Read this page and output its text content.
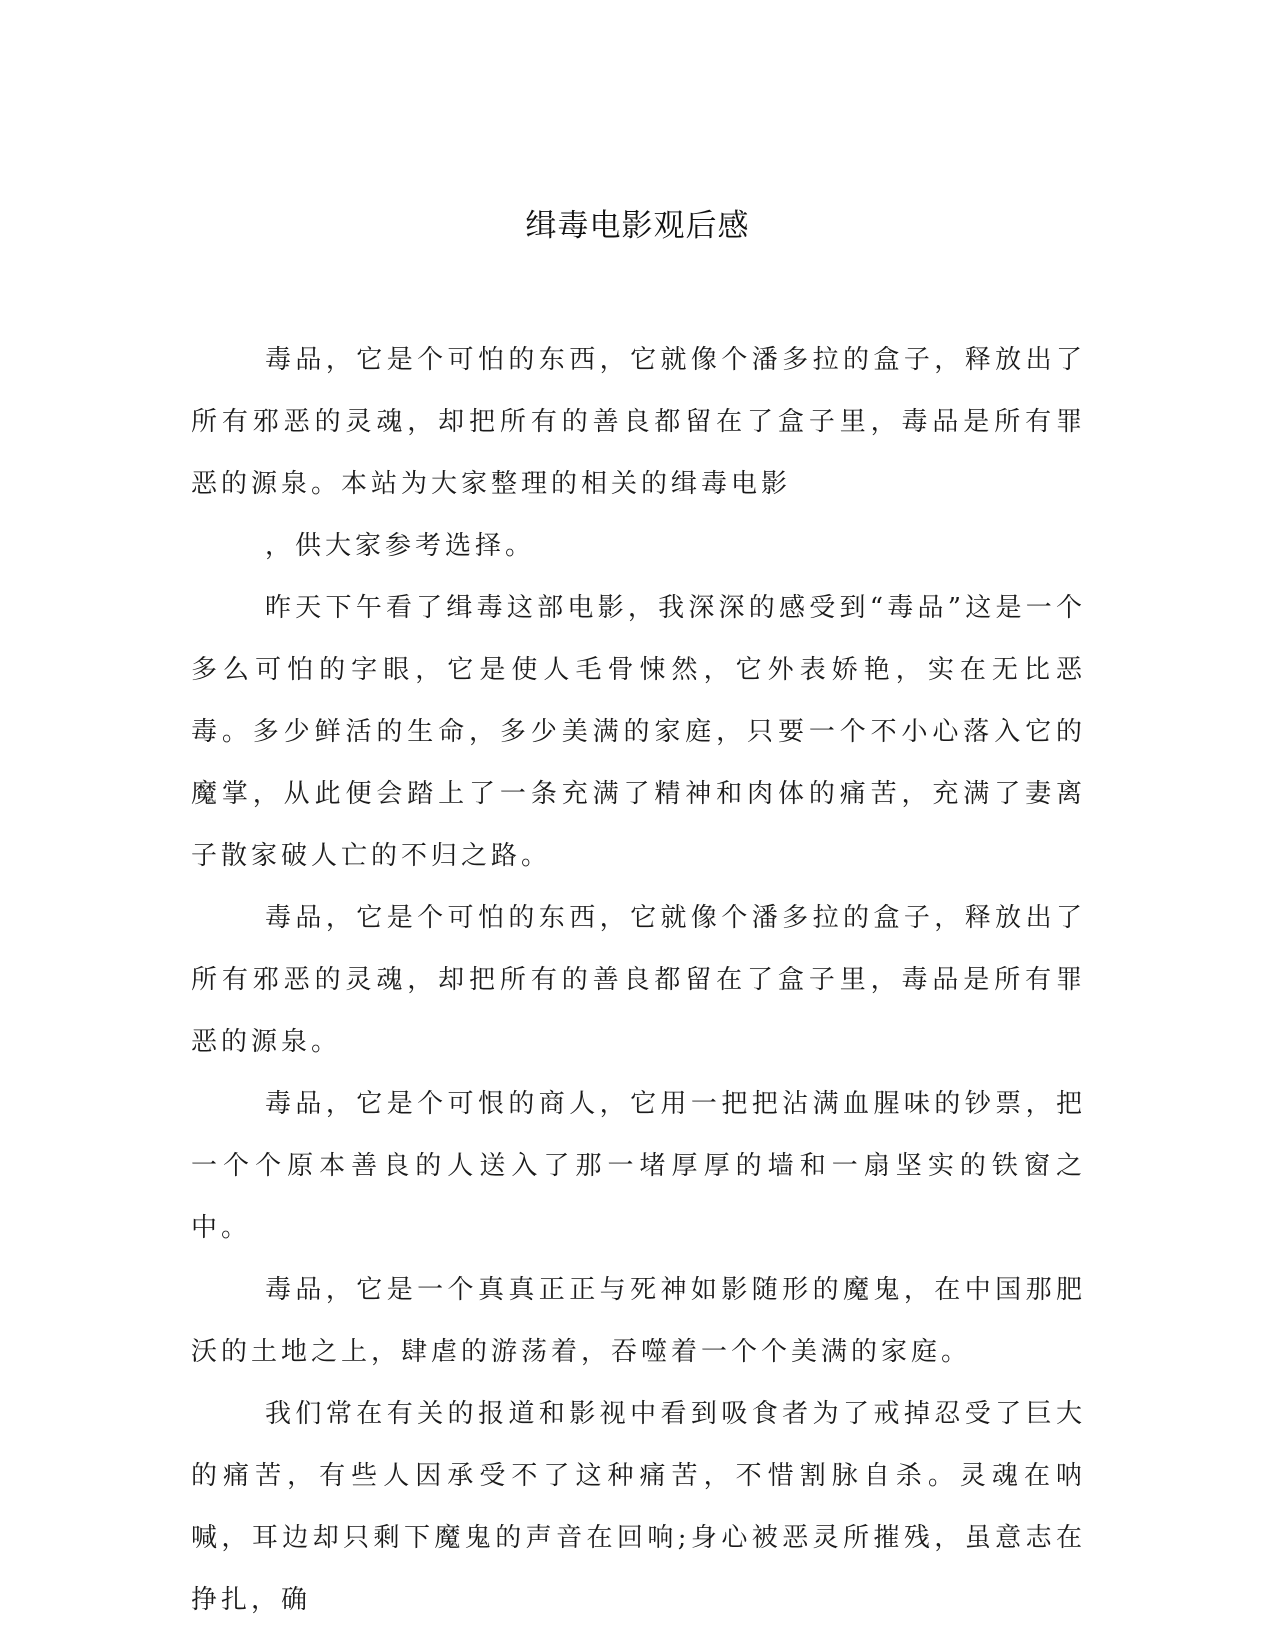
缉毒电影观后感

毒品，它是个可怕的东西，它就像个潘多拉的盒子，释放出了所有邪恶的灵魂，却把所有的善良都留在了盒子里，毒品是所有罪恶的源泉。本站为大家整理的相关的缉毒电影

，供大家参考选择。

昨天下午看了缉毒这部电影，我深深的感受到“毒品”这是一个多么可怕的字眼，它是使人毛骨悚然，它外表娇艳，实在无比恶毒。多少鲜活的生命，多少美满的家庭，只要一个不小心落入它的魔掌，从此便会踏上了一条充满了精神和肉体的痛苦，充满了妻离子散家破人亡的不归之路。

毒品，它是个可怕的东西，它就像个潘多拉的盒子，释放出了所有邪恶的灵魂，却把所有的善良都留在了盒子里，毒品是所有罪恶的源泉。

毒品，它是个可恨的商人，它用一把把沾满血腥味的钞票，把一个个原本善良的人送入了那一堵厚厚的墙和一扇坚实的铁窗之中。

毒品，它是一个真真正正与死神如影随形的魔鬼，在中国那肥沃的土地之上，肆虐的游荡着，吞噬着一个个美满的家庭。

我们常在有关的报道和影视中看到吸食者为了戒掉忍受了巨大的痛苦，有些人因承受不了这种痛苦，不惜割脉自杀。灵魂在呐喊，耳边却只剩下魔鬼的声音在回响;身心被恶灵所摧残，虽意志在挣扎，确
